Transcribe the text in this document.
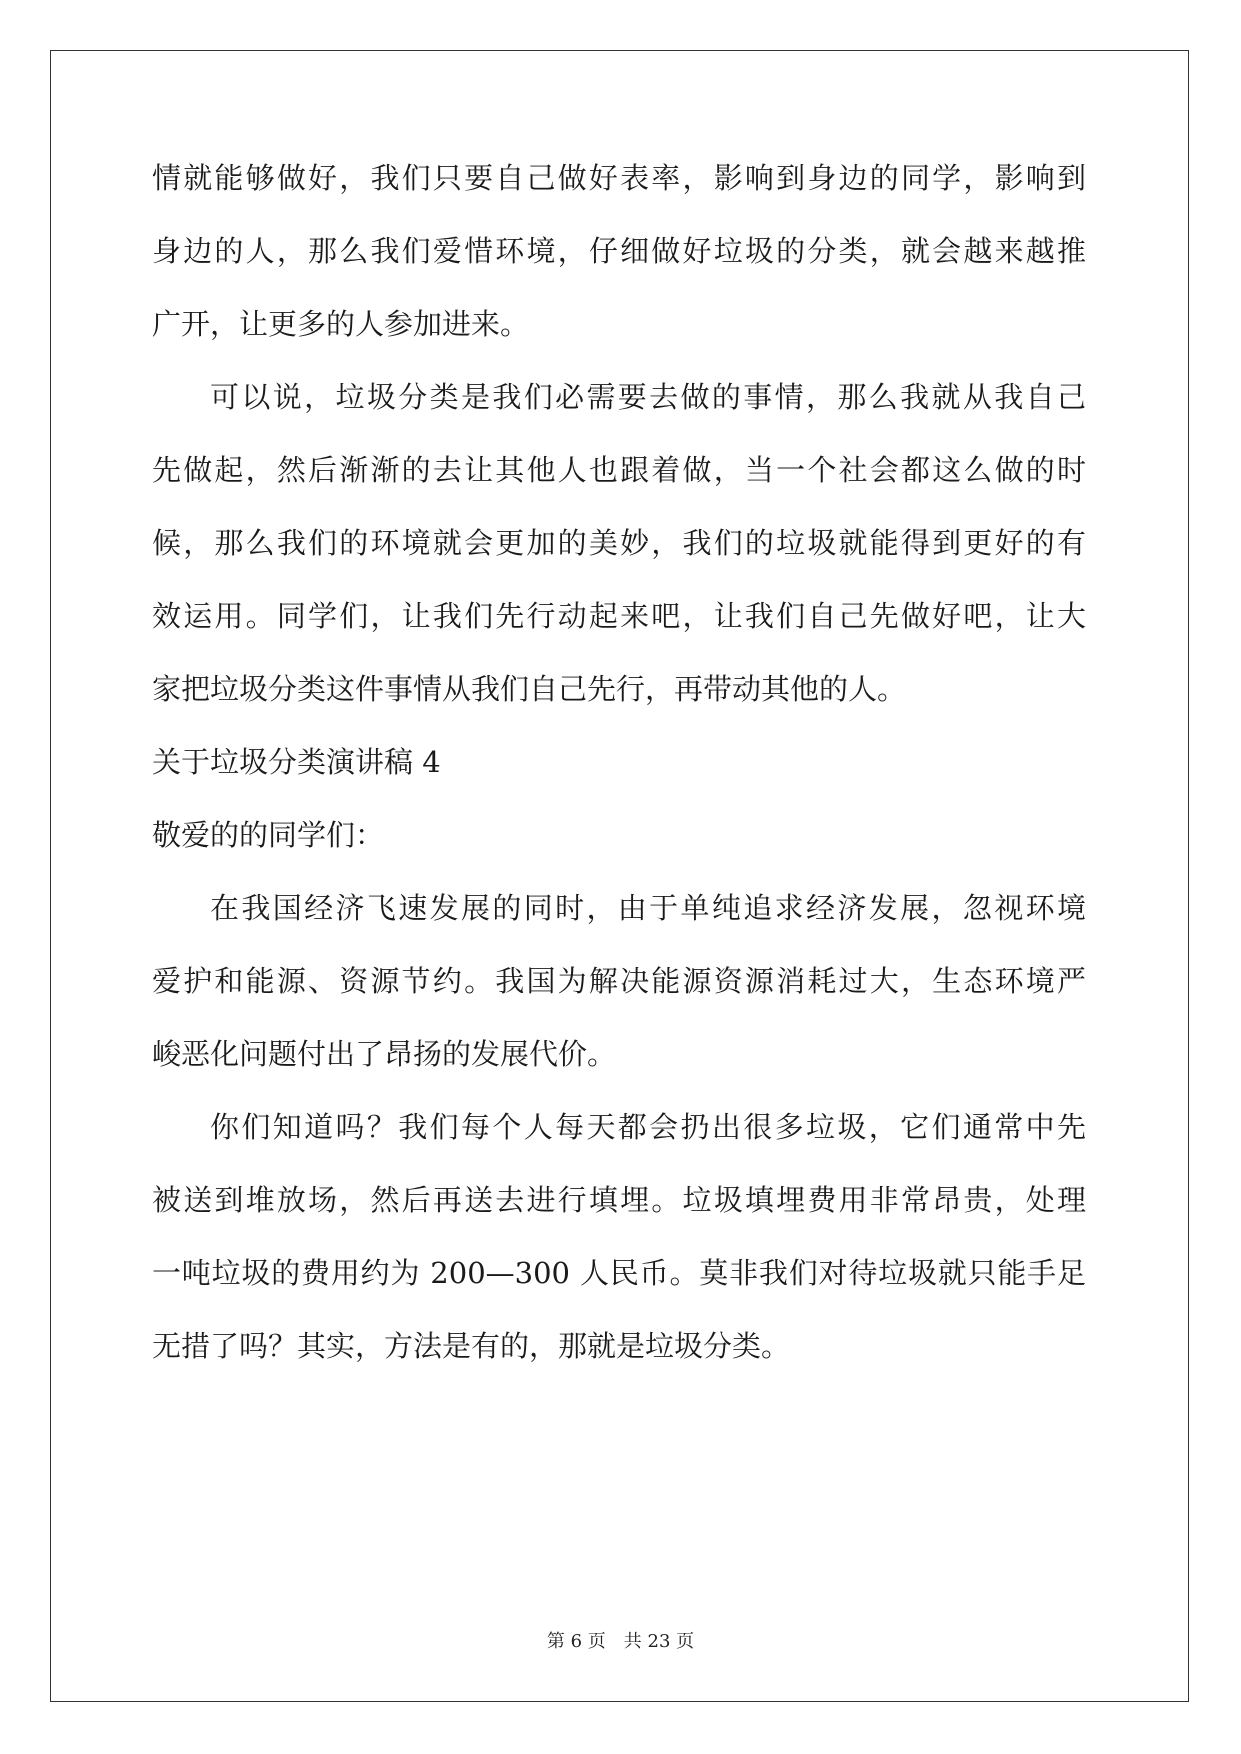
情就能够做好，我们只要自己做好表率，影响到身边的同学，影响到
身边的人，那么我们爱惜环境，仔细做好垃圾的分类，就会越来越推
广开，让更多的人参加进来。
可以说，垃圾分类是我们必需要去做的事情，那么我就从我自己
先做起，然后渐渐的去让其他人也跟着做，当一个社会都这么做的时
候，那么我们的环境就会更加的美妙，我们的垃圾就能得到更好的有
效运用。同学们，让我们先行动起来吧，让我们自己先做好吧，让大
家把垃圾分类这件事情从我们自己先行，再带动其他的人。
关于垃圾分类演讲稿 4
敬爱的的同学们：
在我国经济飞速发展的同时，由于单纯追求经济发展，忽视环境
爱护和能源、资源节约。我国为解决能源资源消耗过大，生态环境严
峻恶化问题付出了昂扬的发展代价。
你们知道吗？我们每个人每天都会扔出很多垃圾，它们通常中先
被送到堆放场，然后再送去进行填埋。垃圾填埋费用非常昂贵，处理
一吨垃圾的费用约为 200—300 人民币。莫非我们对待垃圾就只能手足
无措了吗？其实，方法是有的，那就是垃圾分类。
第 6 页 共 23 页
